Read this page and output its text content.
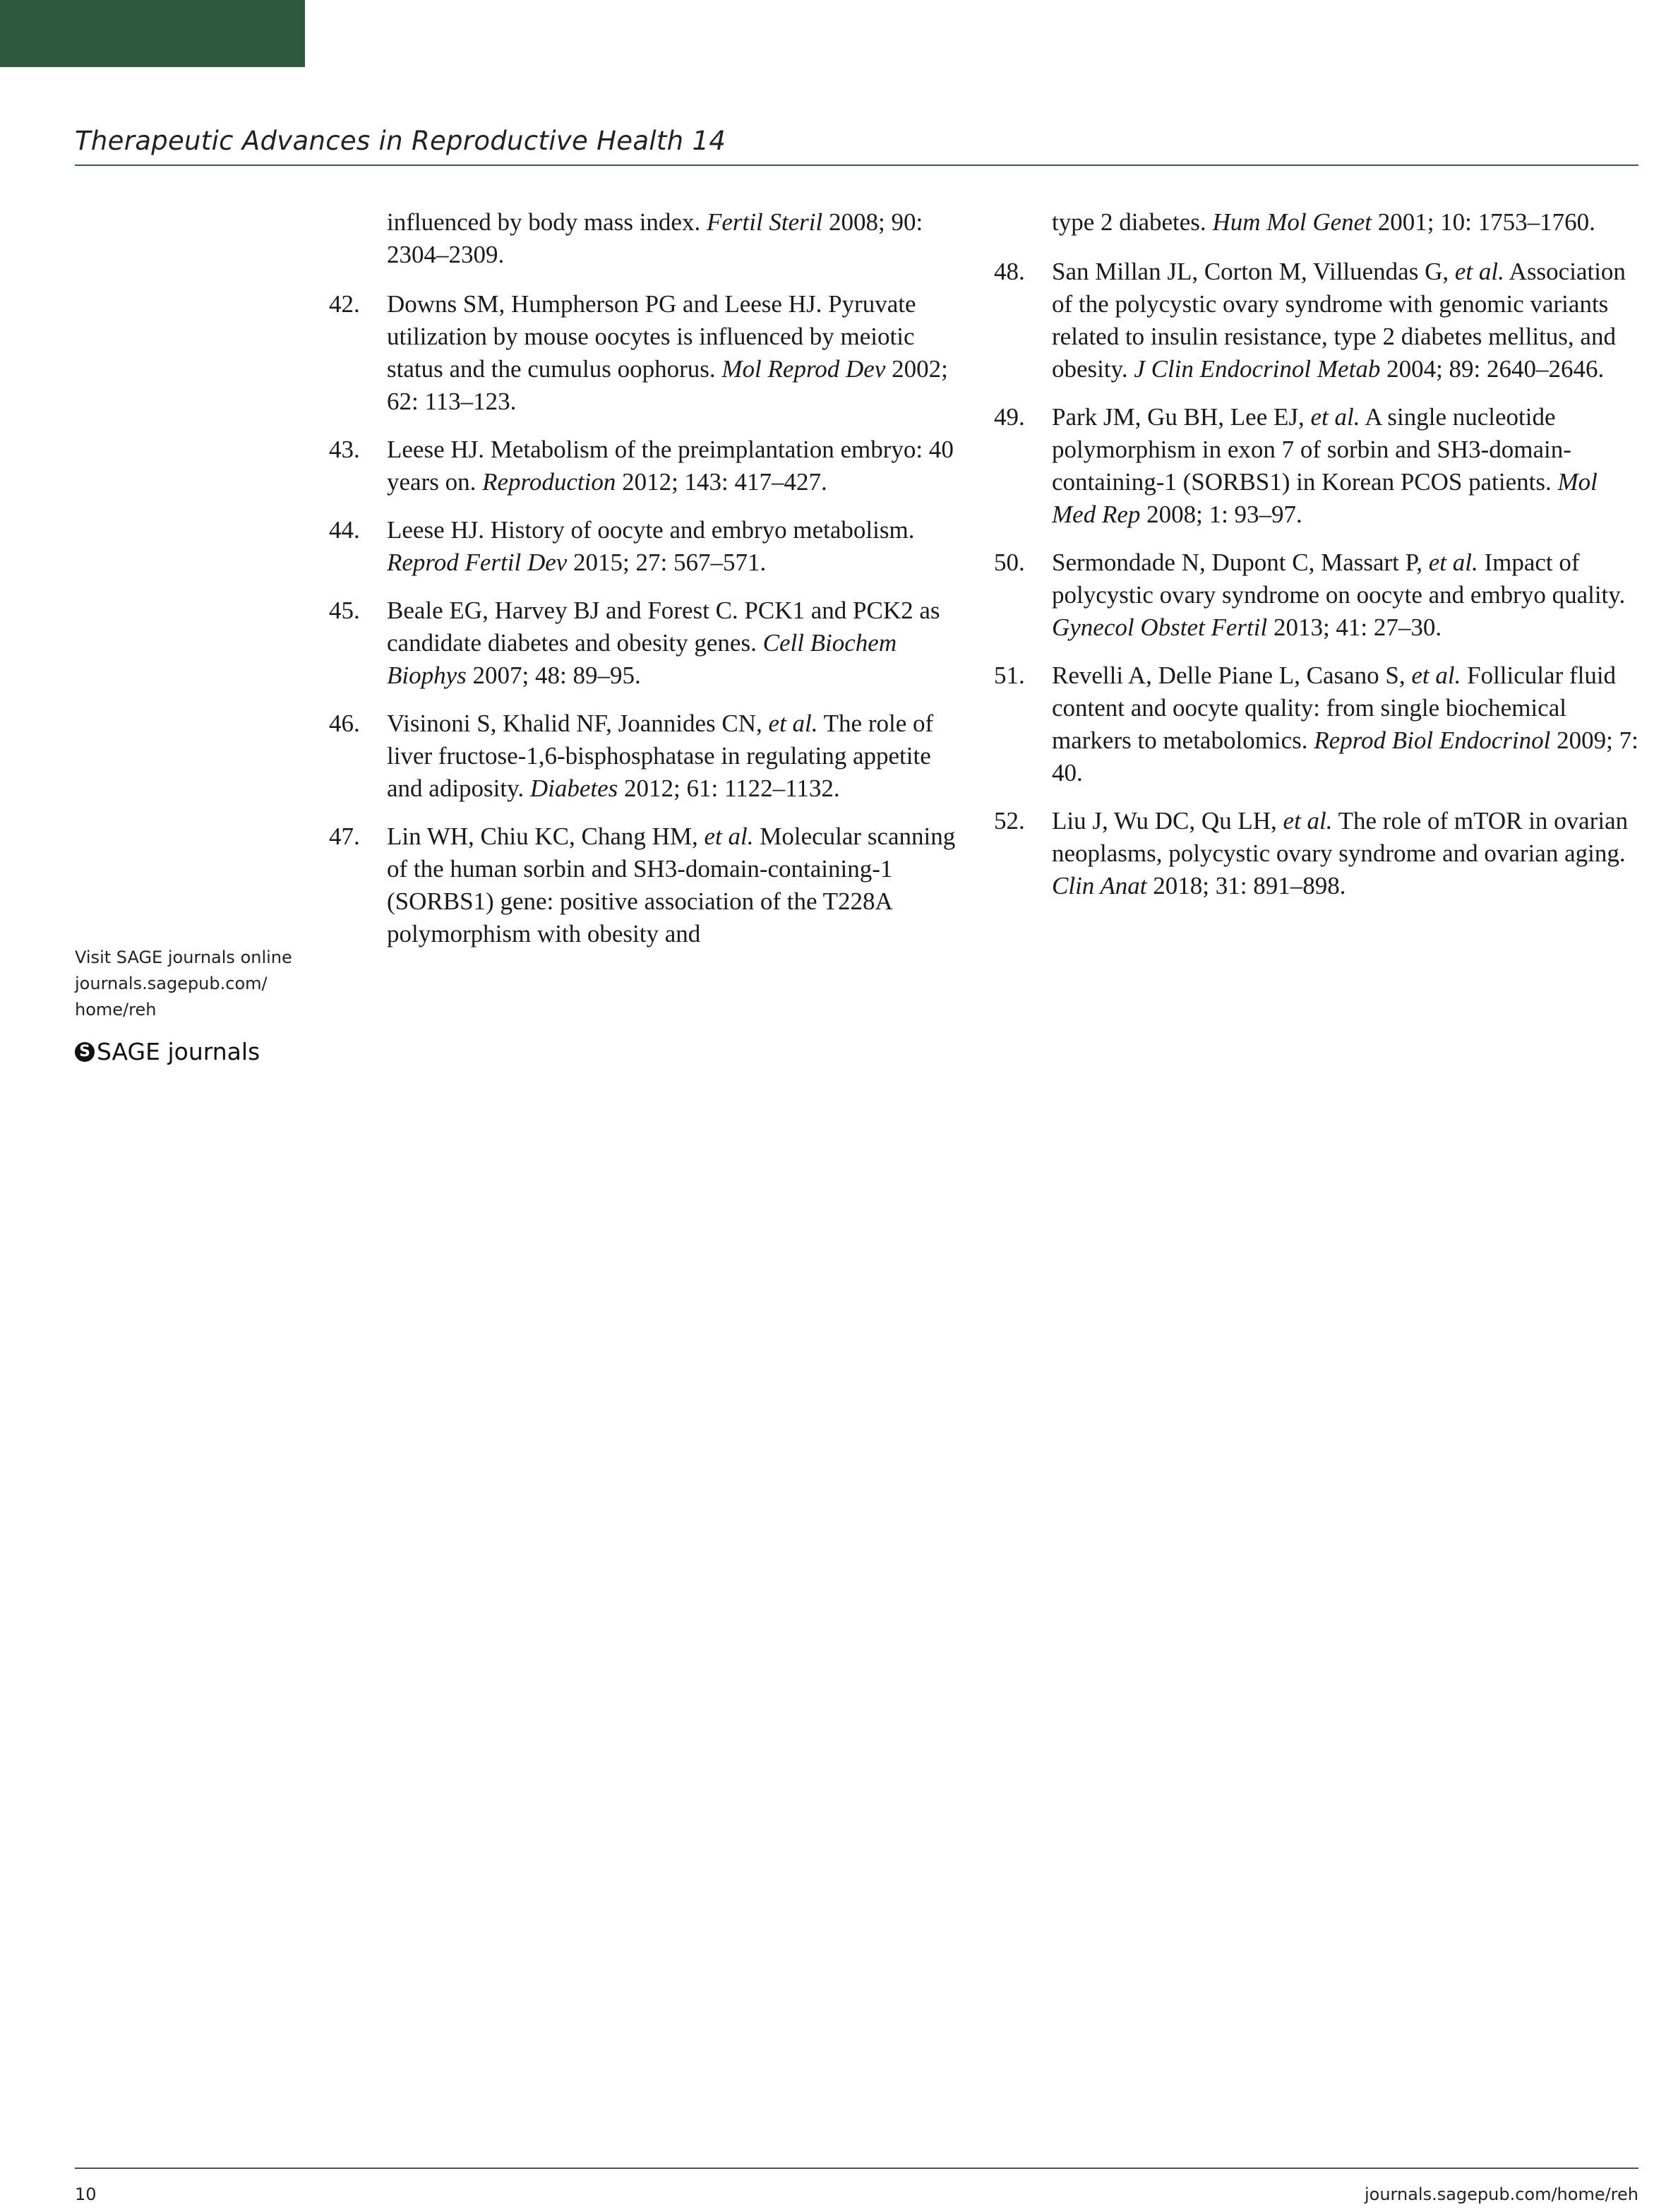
Therapeutic Advances in Reproductive Health 14
Visit SAGE journals online
journals.sagepub.com/
home/reh
S SAGE journals
influenced by body mass index. Fertil Steril 2008; 90: 2304–2309.
42. Downs SM, Humpherson PG and Leese HJ. Pyruvate utilization by mouse oocytes is influenced by meiotic status and the cumulus oophorus. Mol Reprod Dev 2002; 62: 113–123.
43. Leese HJ. Metabolism of the preimplantation embryo: 40 years on. Reproduction 2012; 143: 417–427.
44. Leese HJ. History of oocyte and embryo metabolism. Reprod Fertil Dev 2015; 27: 567–571.
45. Beale EG, Harvey BJ and Forest C. PCK1 and PCK2 as candidate diabetes and obesity genes. Cell Biochem Biophys 2007; 48: 89–95.
46. Visinoni S, Khalid NF, Joannides CN, et al. The role of liver fructose-1,6-bisphosphatase in regulating appetite and adiposity. Diabetes 2012; 61: 1122–1132.
47. Lin WH, Chiu KC, Chang HM, et al. Molecular scanning of the human sorbin and SH3-domain-containing-1 (SORBS1) gene: positive association of the T228A polymorphism with obesity and
type 2 diabetes. Hum Mol Genet 2001; 10: 1753–1760.
48. San Millan JL, Corton M, Villuendas G, et al. Association of the polycystic ovary syndrome with genomic variants related to insulin resistance, type 2 diabetes mellitus, and obesity. J Clin Endocrinol Metab 2004; 89: 2640–2646.
49. Park JM, Gu BH, Lee EJ, et al. A single nucleotide polymorphism in exon 7 of sorbin and SH3-domain-containing-1 (SORBS1) in Korean PCOS patients. Mol Med Rep 2008; 1: 93–97.
50. Sermondade N, Dupont C, Massart P, et al. Impact of polycystic ovary syndrome on oocyte and embryo quality. Gynecol Obstet Fertil 2013; 41: 27–30.
51. Revelli A, Delle Piane L, Casano S, et al. Follicular fluid content and oocyte quality: from single biochemical markers to metabolomics. Reprod Biol Endocrinol 2009; 7: 40.
52. Liu J, Wu DC, Qu LH, et al. The role of mTOR in ovarian neoplasms, polycystic ovary syndrome and ovarian aging. Clin Anat 2018; 31: 891–898.
10	journals.sagepub.com/home/reh
